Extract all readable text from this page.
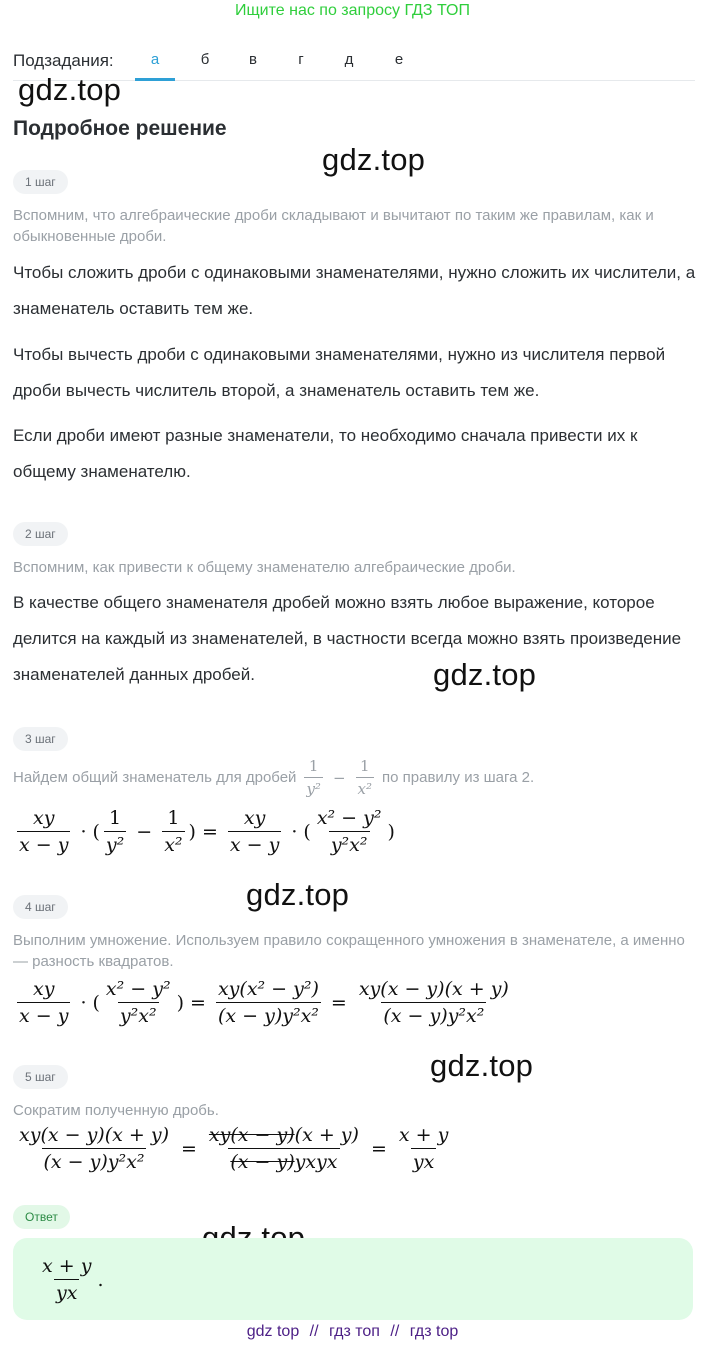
Ищите нас по запросу ГДЗ ТОП
Подзадания:	а	б	в	г	д	е
gdz.top
gdz.top
gdz.top
gdz.top
gdz.top
Подробное решение
1 шаг
Вспомним, что алгебраические дроби складывают и вычитают по таким же правилам, как и обыкновенные дроби.
Чтобы сложить дроби с одинаковыми знаменателями, нужно сложить их числители, а знаменатель оставить тем же.
Чтобы вычесть дроби с одинаковыми знаменателями, нужно из числителя первой дроби вычесть числитель второй, а знаменатель оставить тем же.
Если дроби имеют разные знаменатели, то необходимо сначала привести их к общему знаменателю.
2 шаг
Вспомним, как привести к общему знаменателю алгебраические дроби.
В качестве общего знаменателя дробей можно взять любое выражение, которое делится на каждый из знаменателей, в частности всегда можно взять произведение знаменателей данных дробей.
3 шаг
Найдем общий знаменатель для дробей $\frac{1}{\text{y²}} - \frac{1}{\text{x²}}$ по правилу из шага 2.
$\frac{xy}{x - y}$ · ( $\frac{1}{\text{y²}} - \frac{1}{\text{x²}}$ ) = $\frac{xy}{x - y}$ · ( $\frac{\text{x² − y²}}{\text{y²x²}}$ )
4 шаг
Выполним умножение. Используем правило сокращенного умножения в знаменателе, а именно — разность квадратов.
$\frac{xy}{x - y}$ · ( $\frac{\text{x² − y²}}{\text{y²x²}}$ ) = $\frac{\text{xy(x² − y²)}}{\text{(x − y)y²x²}} = \frac{xy(x - y)(x + y)}{\text{(x − y)y²x²}}$
5 шаг
Сократим полученную дробь.
$\frac{xy(x - y)(x + y)}{\text{(x − y)y²x²}} = \frac{xy(x - y)(x + y)}{\text{(x − y)yxyx}} = \frac{x + y}{yx}$
Ответ
$\frac{x + y}{yx}$ .
gdz top // гдз топ // гдз top
